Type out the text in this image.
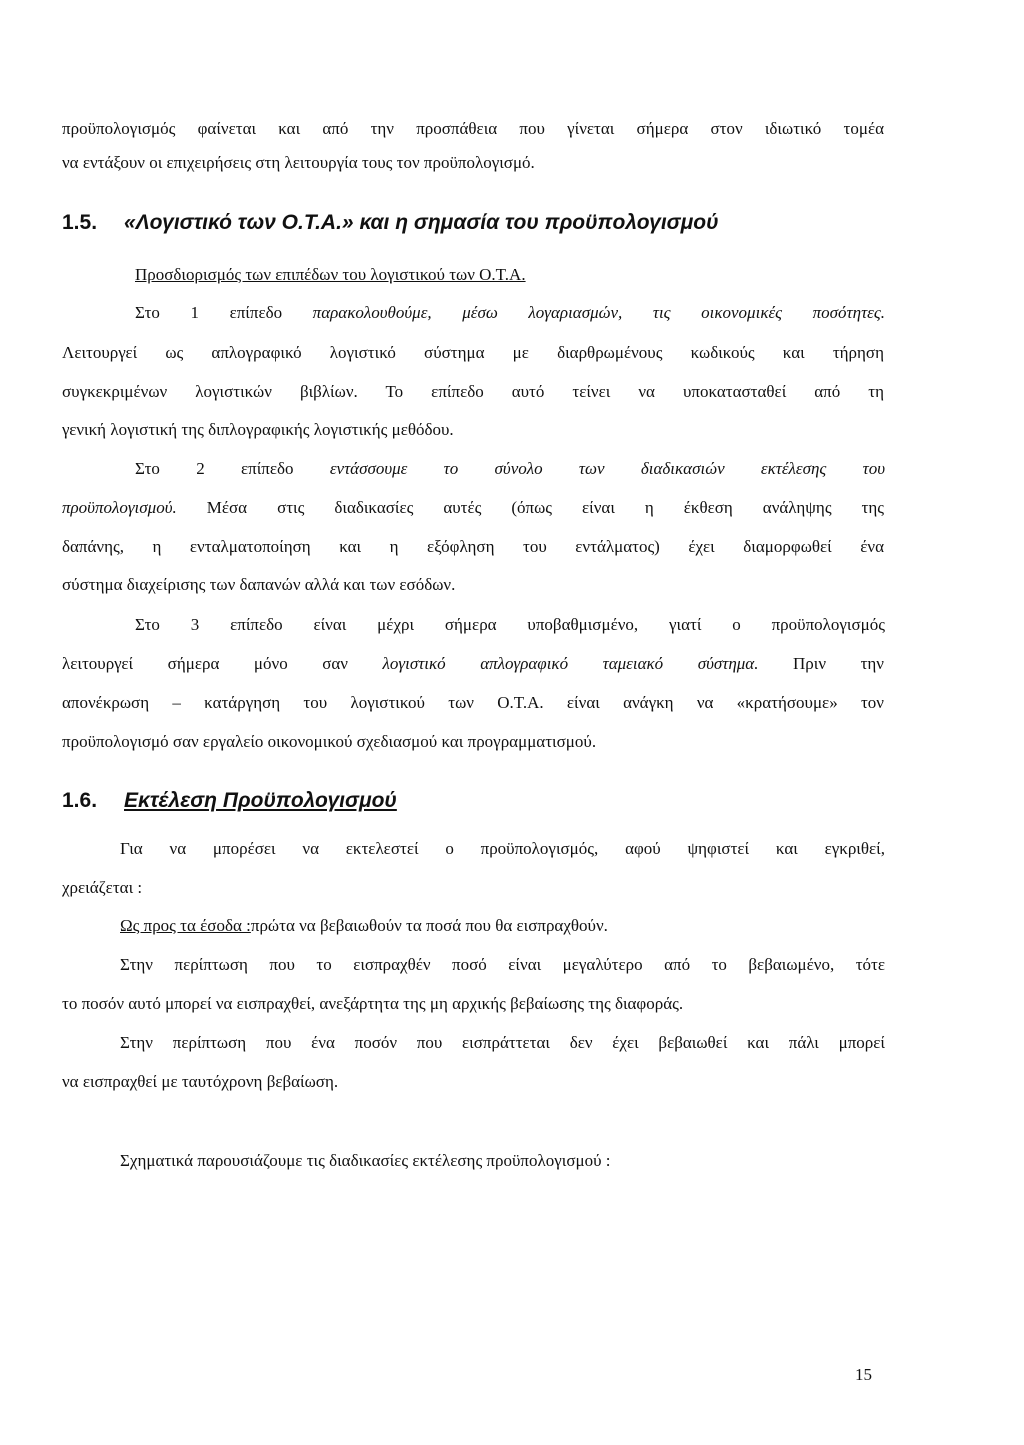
προϋπολογισμός φαίνεται και από την προσπάθεια που γίνεται σήμερα στον ιδιωτικό τομέα
να εντάξουν οι επιχειρήσεις στη λειτουργία τους τον προϋπολογισμό.
1.5. «Λογιστικό των Ο.Τ.Α.» και η σημασία του προϋπολογισμού
Προσδιορισμός των επιπέδων του λογιστικού των Ο.Τ.Α.
Στο 1 επίπεδο παρακολουθούμε, μέσω λογαριασμών, τις οικονομικές ποσότητες.
Λειτουργεί ως απλογραφικό λογιστικό σύστημα με διαρθρωμένους κωδικούς και τήρηση
συγκεκριμένων λογιστικών βιβλίων. Το επίπεδο αυτό τείνει να υποκατασταθεί από τη
γενική λογιστική της διπλογραφικής λογιστικής μεθόδου.
Στο 2 επίπεδο εντάσσουμε το σύνολο των διαδικασιών εκτέλεσης του
προϋπολογισμού. Μέσα στις διαδικασίες αυτές (όπως είναι η έκθεση ανάληψης της
δαπάνης, η ενταλματοποίηση και η εξόφληση του εντάλματος) έχει διαμορφωθεί ένα
σύστημα διαχείρισης των δαπανών αλλά και των εσόδων.
Στο 3 επίπεδο είναι μέχρι σήμερα υποβαθμισμένο, γιατί ο προϋπολογισμός
λειτουργεί σήμερα μόνο σαν λογιστικό απλογραφικό ταμειακό σύστημα. Πριν την
απονέκρωση – κατάργηση του λογιστικού των Ο.Τ.Α. είναι ανάγκη να «κρατήσουμε» τον
προϋπολογισμό σαν εργαλείο οικονομικού σχεδιασμού και προγραμματισμού.
1.6. Εκτέλεση Προϋπολογισμού
Για να μπορέσει να εκτελεστεί ο προϋπολογισμός, αφού ψηφιστεί και εγκριθεί,
χρειάζεται :
Ως προς τα έσοδα :πρώτα να βεβαιωθούν τα ποσά που θα εισπραχθούν.
Στην περίπτωση που το εισπραχθέν ποσό είναι μεγαλύτερο από το βεβαιωμένο, τότε
το ποσόν αυτό μπορεί να εισπραχθεί, ανεξάρτητα της μη αρχικής βεβαίωσης της διαφοράς.
Στην περίπτωση που ένα ποσόν που εισπράττεται δεν έχει βεβαιωθεί και πάλι μπορεί
να εισπραχθεί με ταυτόχρονη βεβαίωση.
Σχηματικά παρουσιάζουμε τις διαδικασίες εκτέλεσης προϋπολογισμού :
15
